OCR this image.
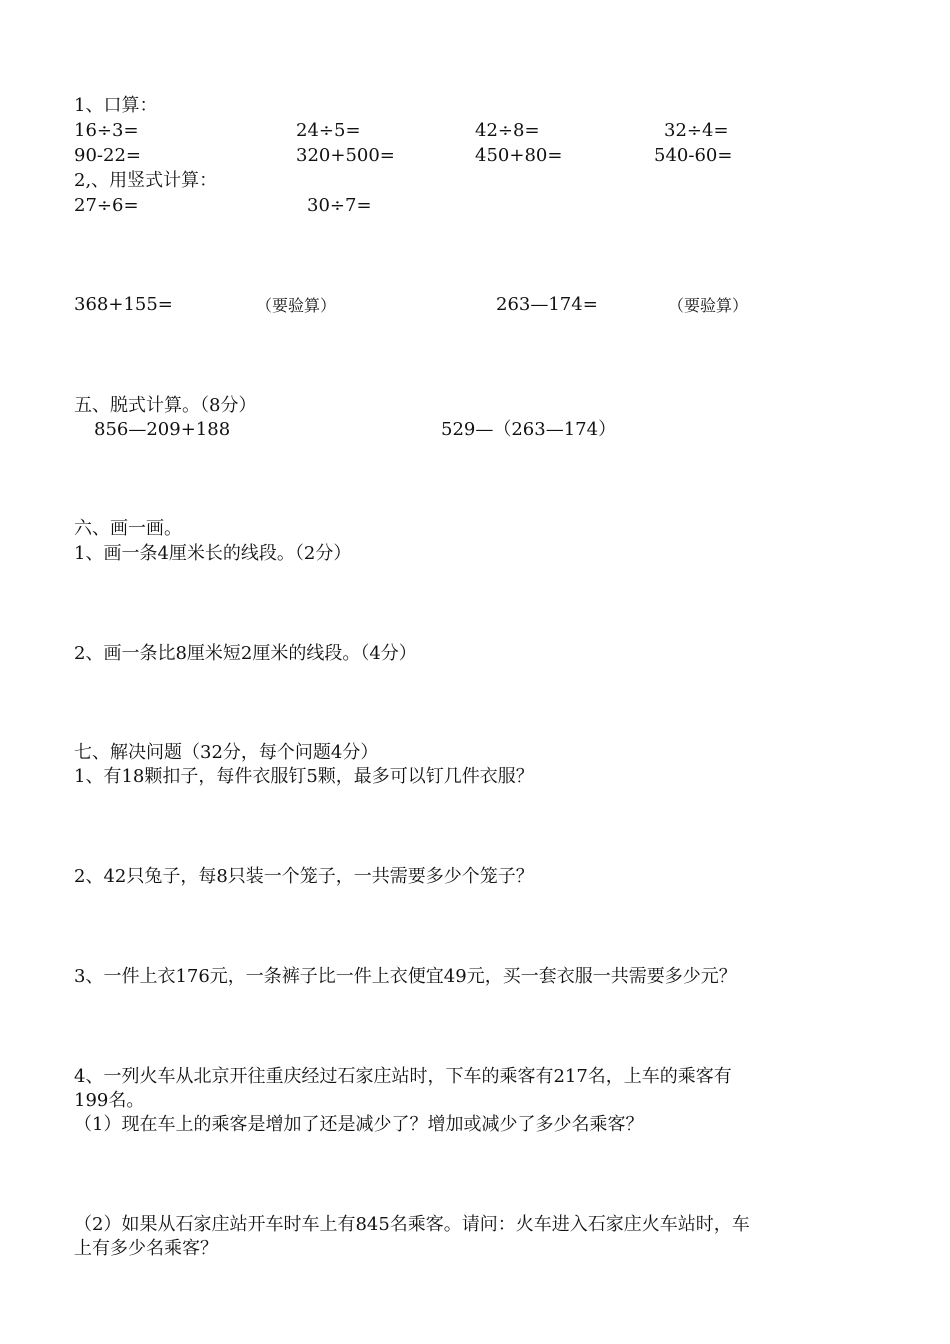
1、口算：
16÷3=	24÷5=	42÷8=	32÷4=
90-22=	320+500=	450+80=	540-60=
2,、用竖式计算：
27÷6=	30÷7=
368+155=	（要验算）	263—174=	（要验算）
五、脱式计算。（8分）
856—209+188	529—（263—174）
六、画一画。
1、画一条4厘米长的线段。（2分）
2、画一条比8厘米短2厘米的线段。（4分）
七、解决问题（32分，每个问题4分）
1、有18颗扣子，每件衣服钉5颗，最多可以钉几件衣服？
2、42只兔子，每8只装一个笼子，一共需要多少个笼子？
3、一件上衣176元，一条裤子比一件上衣便宜49元，买一套衣服一共需要多少元？
4、一列火车从北京开往重庆经过石家庄站时，下车的乘客有217名，上车的乘客有
199名。
（1）现在车上的乘客是增加了还是减少了？增加或减少了多少名乘客？
（2）如果从石家庄站开车时车上有845名乘客。请问：火车进入石家庄火车站时，车
上有多少名乘客？
